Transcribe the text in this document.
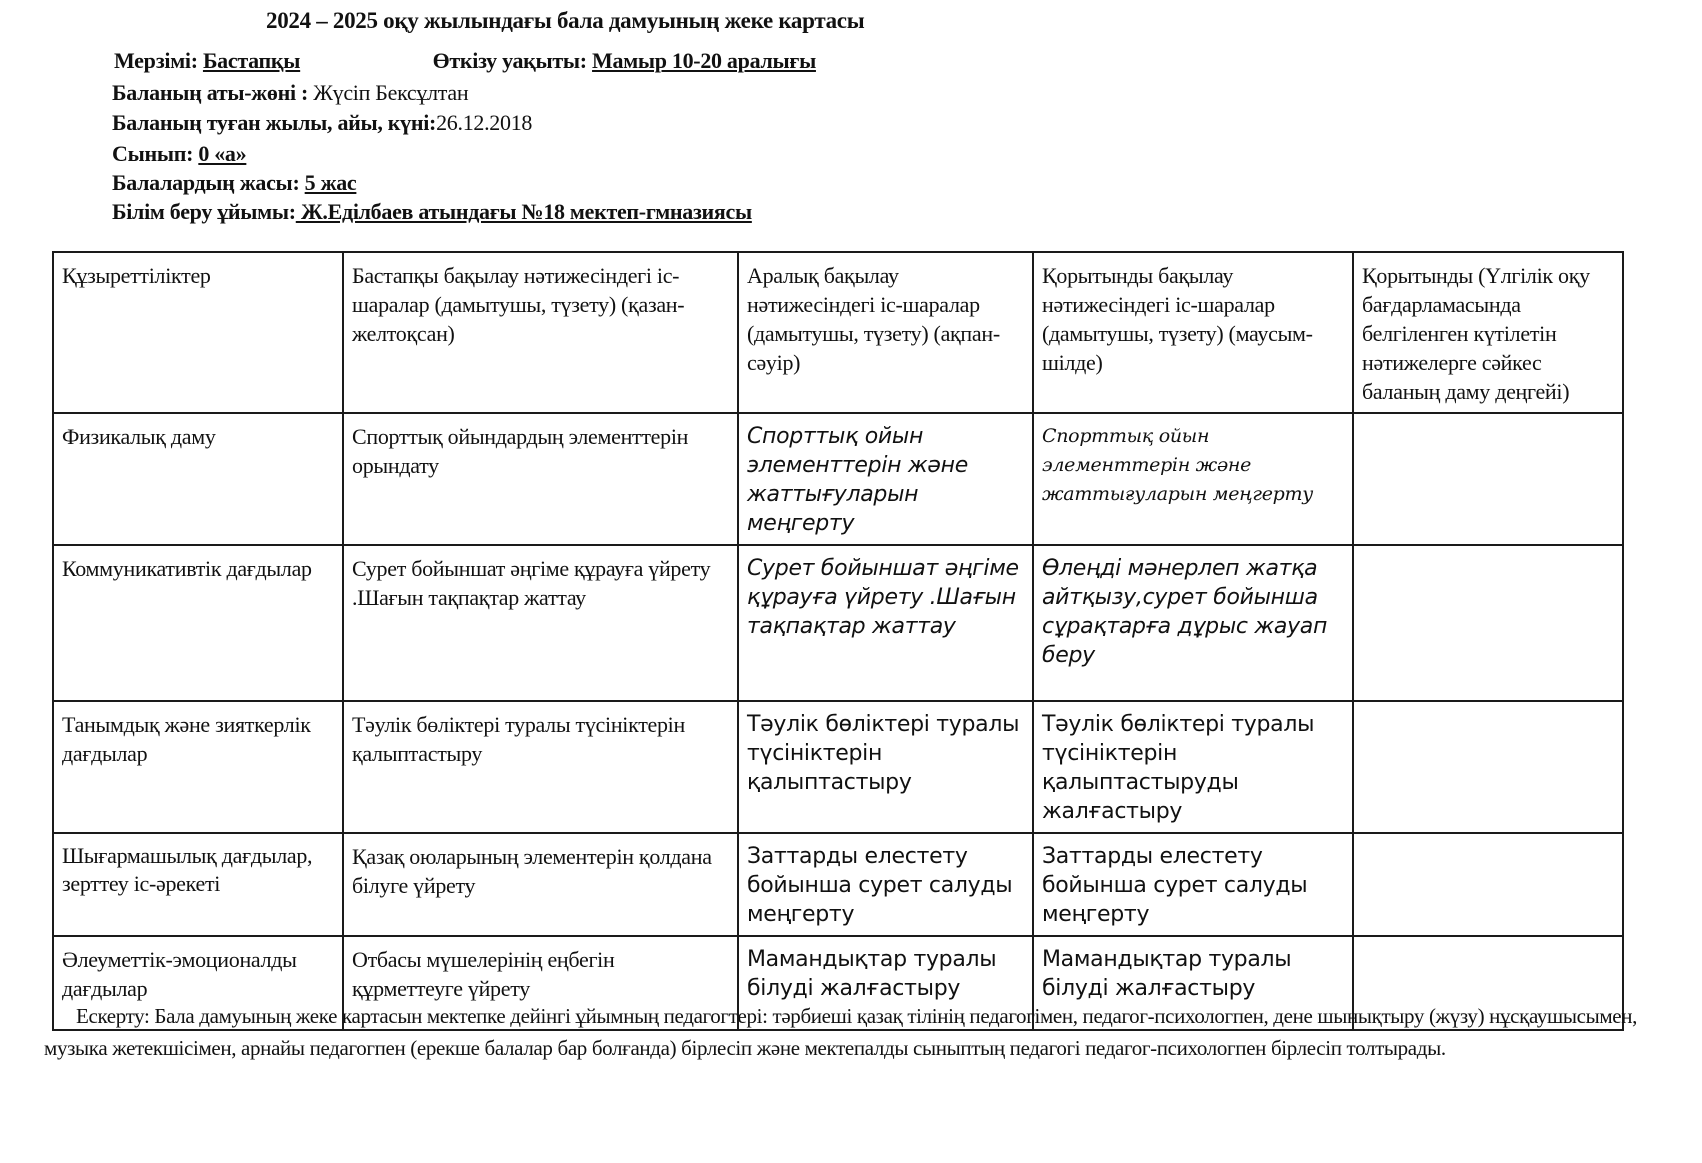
2024 – 2025 оқу жылындағы бала дамуының жеке картасы
Мерзімі: Бастапқы	Өткізу уақыты: Мамыр 10-20 аралығы
Баланың аты-жөні : Жүсіп Бексұлтан
Баланың туған жылы, айы, күні:26.12.2018
Сынып: 0 «а»
Балалардың жасы: 5 жас
Білім беру ұйымы: Ж.Еділбаев атындағы №18 мектеп-гмназиясы
Құзыреттіліктер	Бастапқы бақылау нәтижесіндегі іс-шаралар (дамытушы, түзету) (қазан-желтоқсан)	Аралық бақылау нәтижесіндегі іс-шаралар (дамытушы, түзету) (ақпан-сәуір)	Қорытынды бақылау нәтижесіндегі іс-шаралар (дамытушы, түзету) (маусым-шілде)	Қорытынды (Үлгілік оқу бағдарламасында белгіленген күтілетін нәтижелерге сәйкес баланың даму деңгейі)
Физикалық даму	Спорттық ойындардың элементтерін орындату	Спорттық ойын элементтерін және жаттығуларын меңгерту	Спорттық ойын элементтерін және жаттығуларын меңгерту	
Коммуникативтік дағдылар	Сурет бойыншат әңгіме құрауға үйрету .Шағын тақпақтар жаттау	Сурет бойыншат әңгіме құрауға үйрету .Шағын тақпақтар жаттау	Өлеңді мәнерлеп жатқа айтқызу,сурет бойынша сұрақтарға дұрыс жауап беру	
Танымдық және зияткерлік дағдылар	Тәулік бөліктері туралы түсініктерін қалыптастыру	Тәулік бөліктері туралы түсініктерін қалыптастыру	Тәулік бөліктері туралы түсініктерін қалыптастыруды жалғастыру	
Шығармашылық дағдылар, зерттеу іс-әрекеті	Қазақ оюларының элементерін қолдана білуге үйрету	Заттарды елестету бойынша сурет салуды меңгерту	Заттарды елестету бойынша сурет салуды меңгерту	
Әлеуметтік-эмоционалды дағдылар	Отбасы мүшелерінің еңбегін құрметтеуге үйрету	Мамандықтар туралы білуді жалғастыру	Мамандықтар туралы білуді жалғастыру	
Ескерту: Бала дамуының жеке картасын мектепке дейінгі ұйымның педагогтері: тәрбиеші қазақ тілінің педагогімен, педагог-психологпен, дене шынықтыру (жүзу) нұсқаушысымен, музыка жетекшісімен, арнайы педагогпен (ерекше балалар бар болғанда) бірлесіп және мектепалды сыныптың педагогі педагог-психологпен бірлесіп толтырады.
